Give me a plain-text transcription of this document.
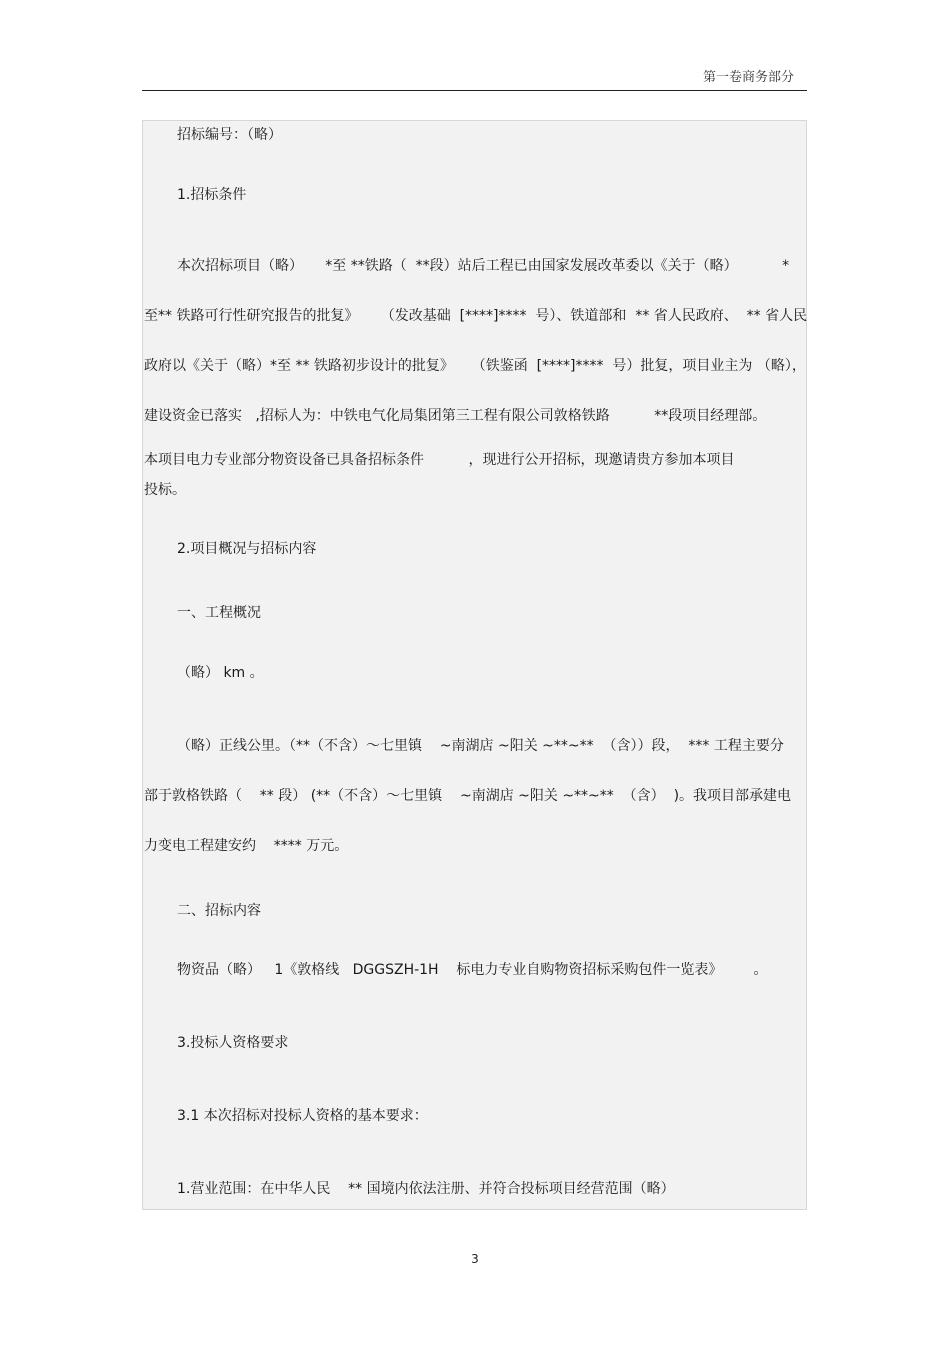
第一卷商务部分
招标编号：（略）
1.招标条件
本次招标项目（略）     *至 **铁路（  **段）站后工程已由国家发展改革委以《关于（略）          *
至** 铁路可行性研究报告的批复》     （发改基础  [****]****  号）、铁道部和  ** 省人民政府、  ** 省人民
政府以《关于（略）*至 ** 铁路初步设计的批复》    （铁鉴函  [****]****  号）批复，项目业主为 （略），
建设资金已落实   ,招标人为：中铁电气化局集团第三工程有限公司敦格铁路          **段项目经理部。
本项目电力专业部分物资设备已具备招标条件          ，现进行公开招标，现邀请贵方参加本项目
投标。
2.项目概况与招标内容
一、工程概况
（略） km 。
（略）正线公里。（**（不含）～七里镇    ~南湖店 ~阳关 ~**~**  （含））段，  *** 工程主要分
部于敦格铁路（    ** 段） (**（不含）～七里镇    ~南湖店 ~阳关 ~**~**  （含）  )。我项目部承建电
力变电工程建安约    **** 万元。
二、招标内容
物资品（略）   1《敦格线   DGGSZH-1H    标电力专业自购物资招标采购包件一览表》       。
3.投标人资格要求
3.1 本次招标对投标人资格的基本要求：
1.营业范围：在中华人民    ** 国境内依法注册、并符合投标项目经营范围（略）
3
